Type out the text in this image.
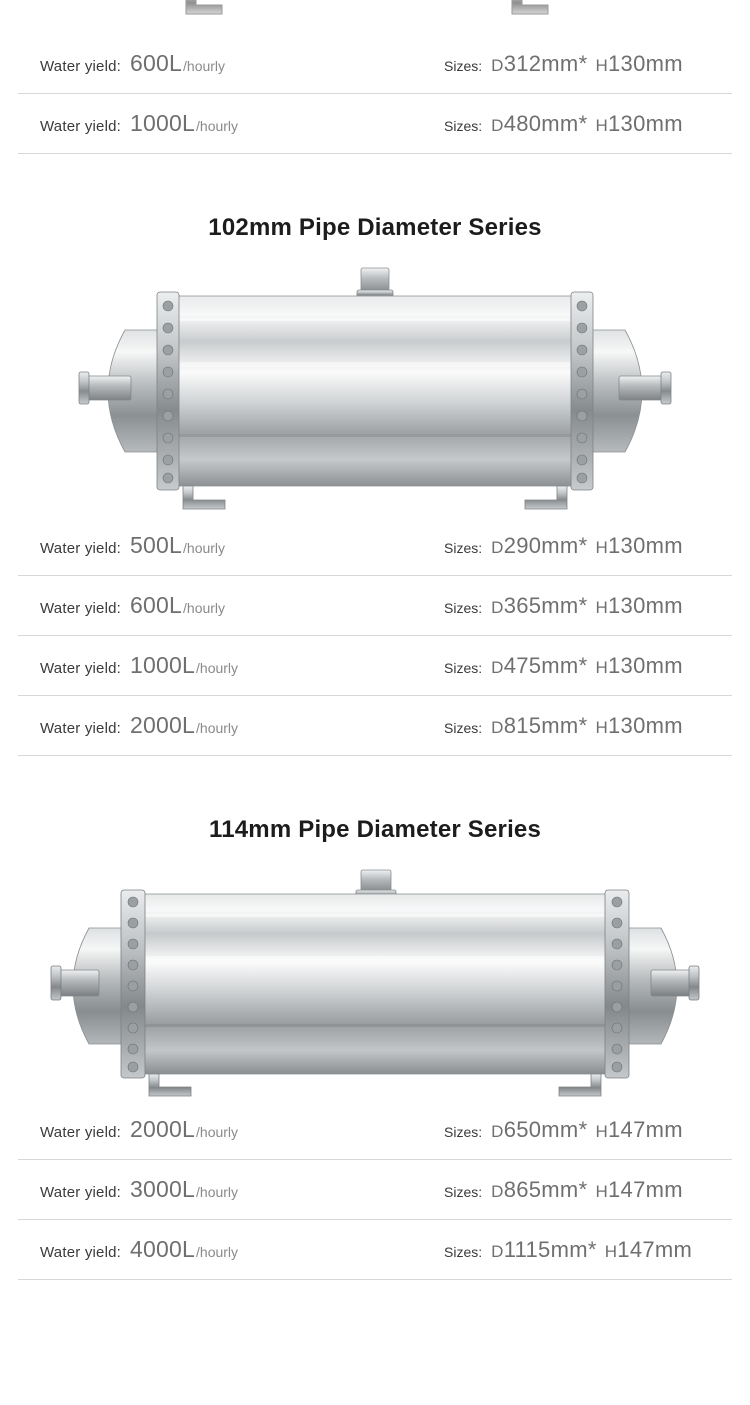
Water yield: 600L /hourly	Sizes: D312mm* H130mm
Water yield: 1000L /hourly	Sizes: D480mm* H130mm
102mm Pipe Diameter Series
Water yield: 500L /hourly	Sizes: D290mm* H130mm
Water yield: 600L /hourly	Sizes: D365mm* H130mm
Water yield: 1000L /hourly	Sizes: D475mm* H130mm
Water yield: 2000L /hourly	Sizes: D815mm* H130mm
114mm Pipe Diameter Series
Water yield: 2000L /hourly	Sizes: D650mm* H147mm
Water yield: 3000L /hourly	Sizes: D865mm* H147mm
Water yield: 4000L /hourly	Sizes: D1115mm* H147mm
